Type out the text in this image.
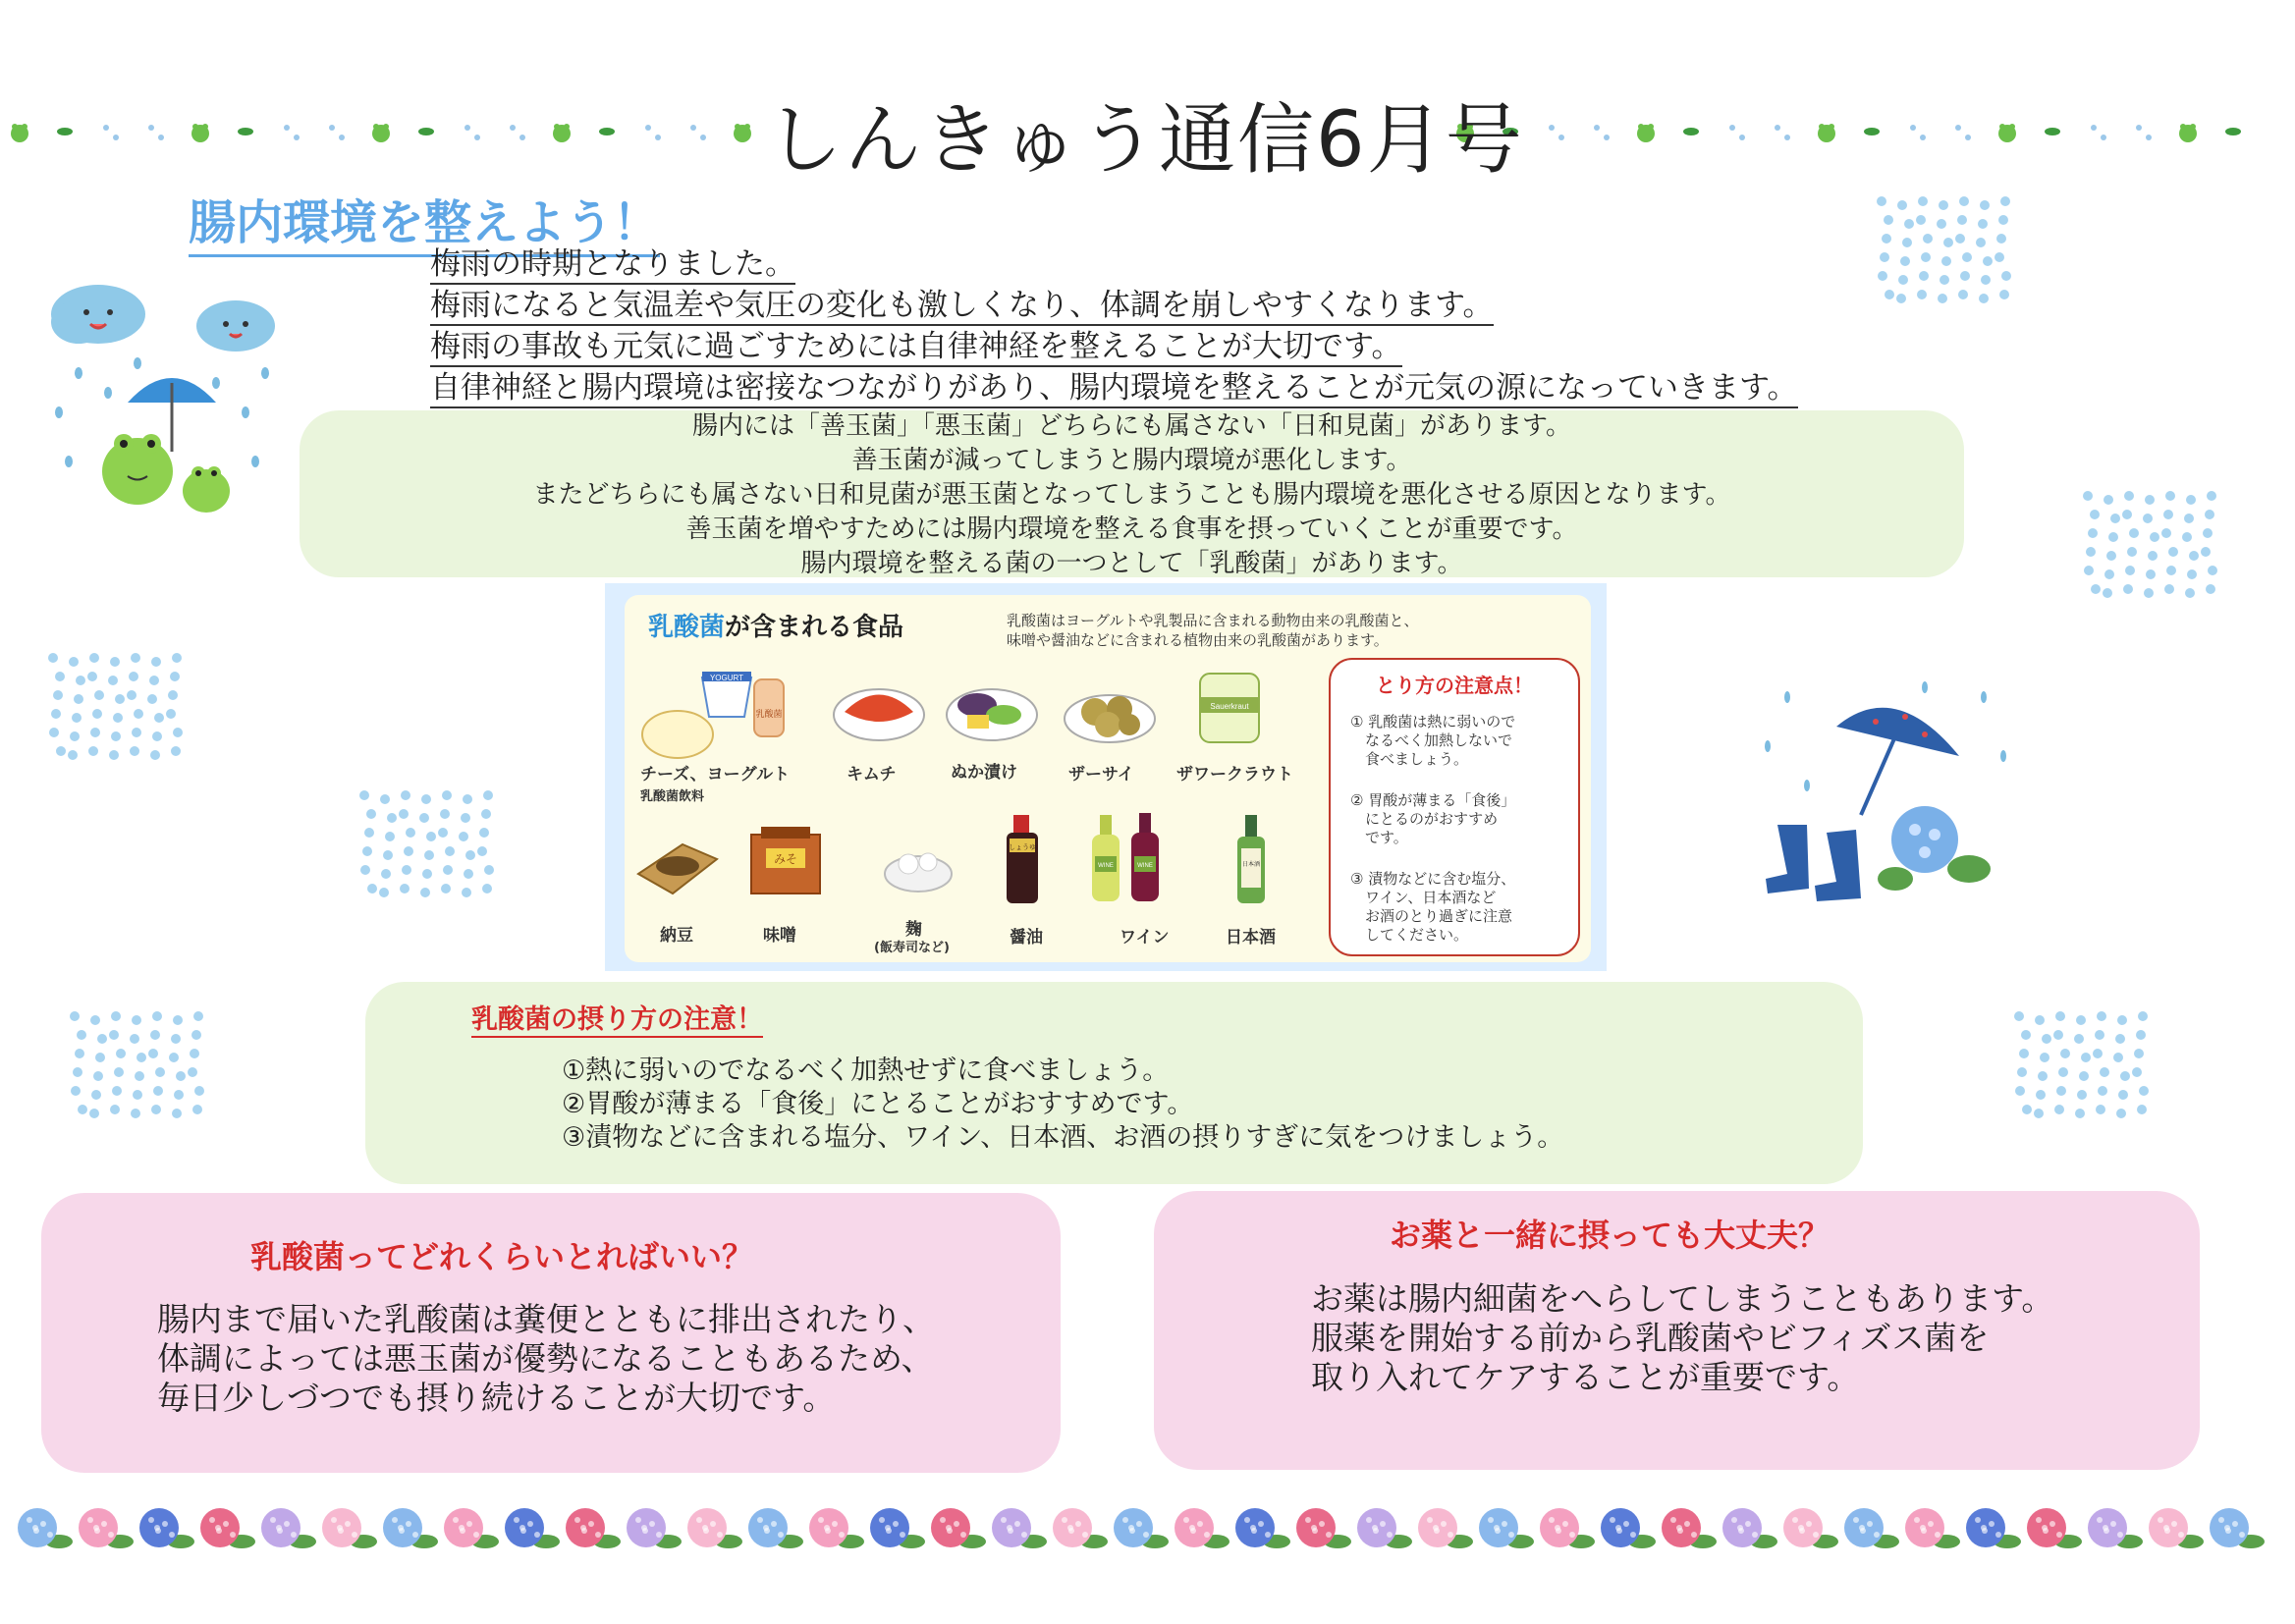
しんきゅう通信6月号
腸内環境を整えよう！
梅雨の時期となりました。
梅雨になると気温差や気圧の変化も激しくなり、体調を崩しやすくなります。
梅雨の事故も元気に過ごすためには自律神経を整えることが大切です。
自律神経と腸内環境は密接なつながりがあり、腸内環境を整えることが元気の源になっていきます。
腸内には「善玉菌」「悪玉菌」どちらにも属さない「日和見菌」があります。
善玉菌が減ってしまうと腸内環境が悪化します。
またどちらにも属さない日和見菌が悪玉菌となってしまうことも腸内環境を悪化させる原因となります。
善玉菌を増やすためには腸内環境を整える食事を摂っていくことが重要です。
腸内環境を整える菌の一つとして「乳酸菌」があります。
乳酸菌が含まれる食品	乳酸菌はヨーグルトや乳製品に含まれる動物由来の乳酸菌と、
味噌や醤油などに含まれる植物由来の乳酸菌があります。
YOGURT
乳酸菌
Sauerkraut
チーズ、ヨーグルト
乳酸菌飲料
キムチ	ぬか漬け	ザーサイ	ザワークラウト
みそ
しょうゆ
WINE	WINE	日本酒
納豆	味噌	麹
(飯寿司など)
醤油	ワイン	日本酒
とり方の注意点！
① 乳酸菌は熱に弱いので
　なるべく加熱しないで
　食べましょう。
② 胃酸が薄まる「食後」
　にとるのがおすすめ
　です。
③ 漬物などに含む塩分、
　ワイン、日本酒など
　お酒のとり過ぎに注意
　してください。
乳酸菌の摂り方の注意！
①熱に弱いのでなるべく加熱せずに食べましょう。
②胃酸が薄まる「食後」にとることがおすすめです。
③漬物などに含まれる塩分、ワイン、日本酒、お酒の摂りすぎに気をつけましょう。
乳酸菌ってどれくらいとればいい？
腸内まで届いた乳酸菌は糞便とともに排出されたり、
体調によっては悪玉菌が優勢になることもあるため、
毎日少しづつでも摂り続けることが大切です。
お薬と一緒に摂っても大丈夫？
お薬は腸内細菌をへらしてしまうこともあります。
服薬を開始する前から乳酸菌やビフィズス菌を
取り入れてケアすることが重要です。
